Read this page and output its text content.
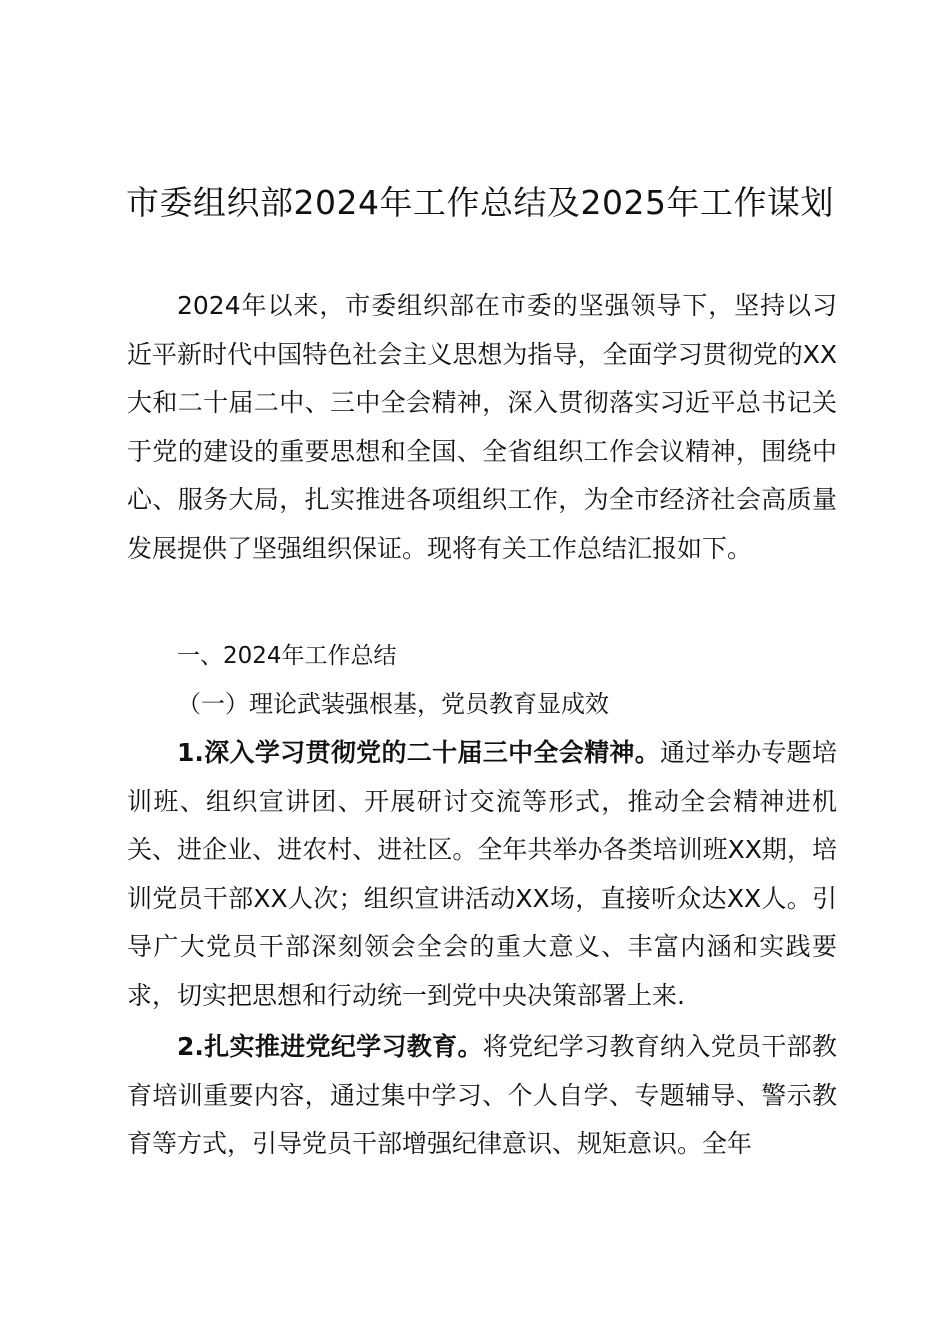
市委组织部2024年工作总结及2025年工作谋划

2024年以来，市委组织部在市委的坚强领导下，坚持以习近平新时代中国特色社会主义思想为指导，全面学习贯彻党的XX大和二十届二中、三中全会精神，深入贯彻落实习近平总书记关于党的建设的重要思想和全国、全省组织工作会议精神，围绕中心、服务大局，扎实推进各项组织工作，为全市经济社会高质量发展提供了坚强组织保证。现将有关工作总结汇报如下。

一、2024年工作总结

（一）理论武装强根基，党员教育显成效

1.深入学习贯彻党的二十届三中全会精神。通过举办专题培训班、组织宣讲团、开展研讨交流等形式，推动全会精神进机关、进企业、进农村、进社区。全年共举办各类培训班XX期，培训党员干部XX人次；组织宣讲活动XX场，直接听众达XX人。引导广大党员干部深刻领会全会的重大意义、丰富内涵和实践要求，切实把思想和行动统一到党中央决策部署上来.

2.扎实推进党纪学习教育。将党纪学习教育纳入党员干部教育培训重要内容，通过集中学习、个人自学、专题辅导、警示教育等方式，引导党员干部增强纪律意识、规矩意识。全年
